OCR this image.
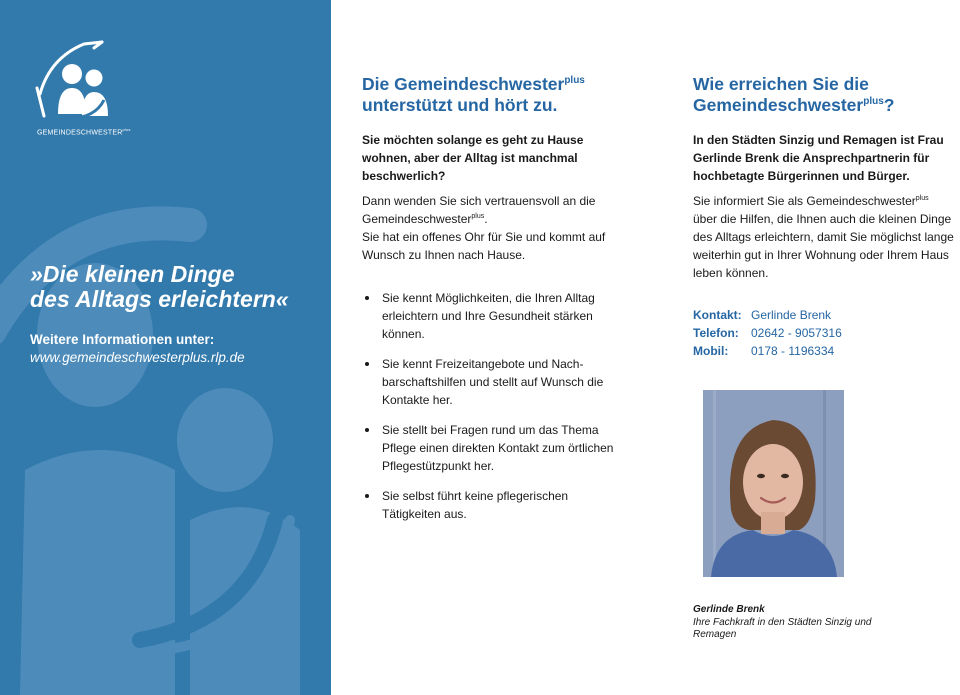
$GEMEINDESCHWESTER^{plus}$

»Die kleinen Dinge
des Alltags erleichtern«

Weitere Informationen unter:

www.gemeindeschwesterplus.rlp.de

Die Gemeindeschwester$^{plus}$
unterstützt und hört zu.

Sie möchten solange es geht zu Hause wohnen, aber der Alltag ist manchmal beschwerlich?

Dann wenden Sie sich vertrauensvoll an die Gemeindeschwester$^{plus}$.
Sie hat ein offenes Ohr für Sie und kommt auf Wunsch zu Ihnen nach Hause.

Sie kennt Möglichkeiten, die Ihren Alltag erleichtern und Ihre Gesundheit stärken können.
Sie kennt Freizeitangebote und Nachbarschaftshilfen und stellt auf Wunsch die Kontakte her.
Sie stellt bei Fragen rund um das Thema Pflege einen direkten Kontakt zum örtlichen Pflegestützpunkt her.
Sie selbst führt keine pflegerischen Tätigkeiten aus.
Wie erreichen Sie die
Gemeindeschwester$^{plus}$?

In den Städten Sinzig und Remagen ist Frau Gerlinde Brenk die Ansprechpartnerin für hochbetagte Bürgerinnen und Bürger.

Sie informiert Sie als Gemeindeschwester$^{plus}$ über die Hilfen, die Ihnen auch die kleinen Dinge des Alltags erleichtern, damit Sie möglichst lange weiterhin gut in Ihrer Wohnung oder Ihrem Haus leben können.

Kontakt: Gerlinde Brenk
Telefon:	02642 - 9057316
Mobil:	0178 - 1196334
Gerlinde Brenk
Ihre Fachkraft in den Städten Sinzig und Remagen
